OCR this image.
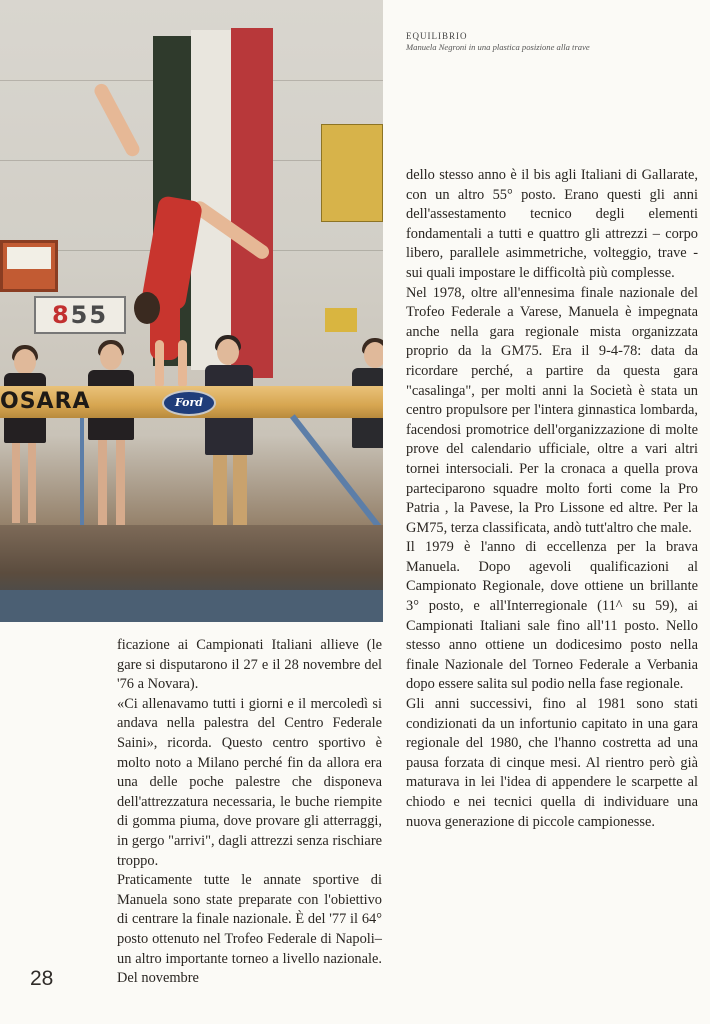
855
OSARA	Ford
EQUILIBRIO
Manuela Negroni in una plastica posizione alla trave

dello stesso anno è il bis agli Italiani di Gallarate, con un altro 55° posto. Erano questi gli anni dell'assestamento tecnico degli elementi fondamentali a tutti e quattro gli attrezzi – corpo libero, parallele asimmetriche, volteggio, trave - sui quali impostare le difficoltà più complesse.

Nel 1978, oltre all'ennesima finale nazionale del Trofeo Federale a Varese, Manuela è impegnata anche nella gara regionale mista organizzata proprio da la GM75. Era il 9-4-78: data da ricordare perché, a partire da questa gara "casalinga", per molti anni la Società è stata un centro propulsore per l'intera ginnastica lombarda, facendosi promotrice dell'organizzazione di molte prove del calendario ufficiale, oltre a vari altri tornei intersociali. Per la cronaca a quella prova parteciparono squadre molto forti come la Pro Patria , la Pavese, la Pro Lissone ed altre. Per la GM75, terza classificata, andò tutt'altro che male.

Il 1979 è l'anno di eccellenza per la brava Manuela. Dopo agevoli qualificazioni al Campionato Regionale, dove ottiene un brillante 3° posto, e all'Interregionale (11^ su 59), ai Campionati Italiani sale fino all'11 posto. Nello stesso anno ottiene un dodicesimo posto nella finale Nazionale del Torneo Federale a Verbania dopo essere salita sul podio nella fase regionale.

Gli anni successivi, fino al 1981 sono stati condizionati da un infortunio capitato in una gara regionale del 1980, che l'hanno costretta ad una pausa forzata di cinque mesi. Al rientro però già maturava in lei l'idea di appendere le scarpette al chiodo e nei tecnici quella di individuare una nuova generazione di piccole campionesse.

ficazione ai Campionati Italiani allieve (le gare si disputarono il 27 e il 28 novembre del '76 a Novara).

«Ci allenavamo tutti i giorni e il mercoledì si andava nella palestra del Centro Federale Saini», ricorda. Questo centro sportivo è molto noto a Milano perché fin da allora era una delle poche palestre che disponeva dell'attrezzatura necessaria, le buche riempite di gomma piuma, dove provare gli atterraggi, in gergo "arrivi", dagli attrezzi senza rischiare troppo.

Praticamente tutte le annate sportive di Manuela sono state preparate con l'obiettivo di centrare la finale nazionale. È del '77 il 64° posto ottenuto nel Trofeo Federale di Napoli– un altro importante torneo a livello nazionale. Del novembre

28
